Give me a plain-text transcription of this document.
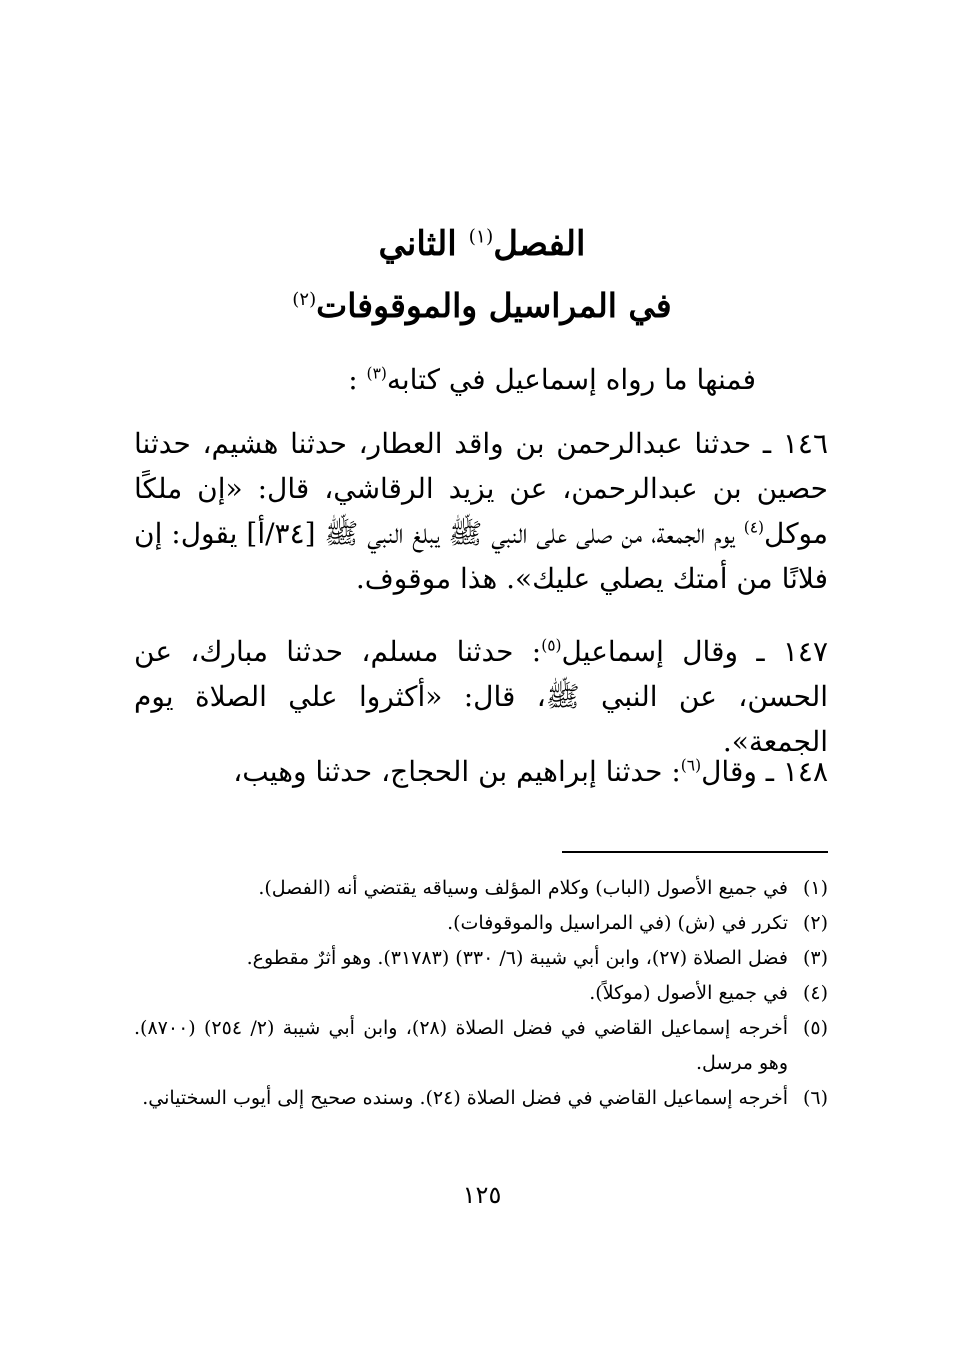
الفصل$^{(١)}$ الثاني
في المراسيل والموقوفات$^{(٢)}$
فمنها ما رواه إسماعيل في كتابه$^{(٣)}$ :
١٤٦ ـ حدثنا عبدالرحمن بن واقد العطار، حدثنا هشيم، حدثنا حصين بن عبدالرحمن، عن يزيد الرقاشي، قال: «إن ملكًا موكل$^{(٤)}$ يوم الجمعة، من صلى على النبي ﷺ يبلغ النبي ﷺ [٣٤/أ] يقول: إن فلانًا من أمتك يصلي عليك». هذا موقوف.
١٤٧ ـ وقال إسماعيل$^{(٥)}$: حدثنا مسلم، حدثنا مبارك، عن الحسن، عن النبي ﷺ، قال: «أكثروا علي الصلاة يوم الجمعة».
١٤٨ ـ وقال$^{(٦)}$: حدثنا إبراهيم بن الحجاج، حدثنا وهيب،
(١)
في جميع الأصول (الباب) وكلام المؤلف وسياقه يقتضي أنه (الفصل).
(٢)
تكرر في (ش) (في المراسيل والموقوفات).
(٣)
فضل الصلاة (٢٧)، وابن أبي شيبة (٦/ ٣٣٠) (٣١٧٨٣). وهو أثرٌ مقطوع.
(٤)
في جميع الأصول (موكلاً).
(٥)
أخرجه إسماعيل القاضي في فضل الصلاة (٢٨)، وابن أبي شيبة (٢/ ٢٥٤) (٨٧٠٠). وهو مرسل.
(٦)
أخرجه إسماعيل القاضي في فضل الصلاة (٢٤). وسنده صحيح إلى أيوب السختياني.
١٢٥
